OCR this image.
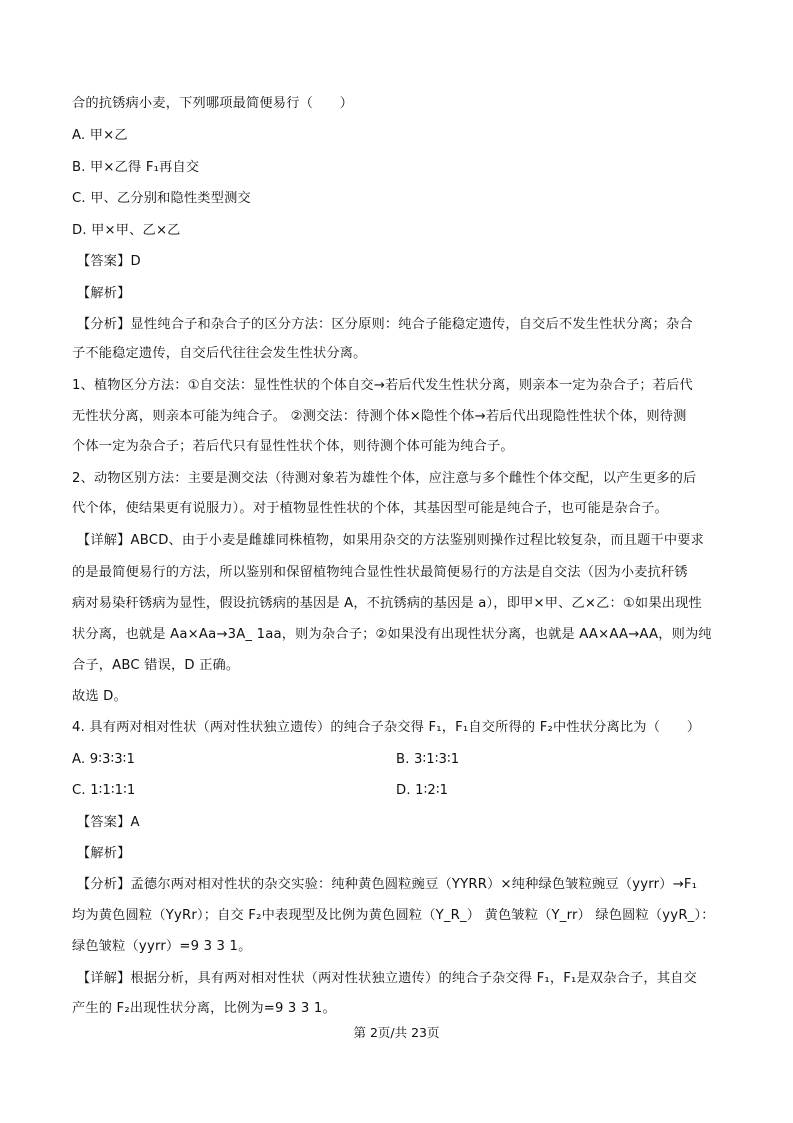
合的抗锈病小麦，下列哪项最简便易行（　　）
A. 甲×乙
B. 甲×乙得 F₁再自交
C. 甲、乙分别和隐性类型测交
D. 甲×甲、乙×乙
【答案】D
【解析】
【分析】显性纯合子和杂合子的区分方法：区分原则：纯合子能稳定遗传，自交后不发生性状分离；杂合
子不能稳定遗传，自交后代往往会发生性状分离。
1、植物区分方法：①自交法：显性性状的个体自交→若后代发生性状分离，则亲本一定为杂合子；若后代
无性状分离，则亲本可能为纯合子。 ②测交法：待测个体×隐性个体→若后代出现隐性性状个体，则待测
个体一定为杂合子；若后代只有显性性状个体，则待测个体可能为纯合子。
2、动物区别方法：主要是测交法（待测对象若为雄性个体，应注意与多个雌性个体交配，以产生更多的后
代个体，使结果更有说服力）。对于植物显性性状的个体，其基因型可能是纯合子，也可能是杂合子。
【详解】ABCD、由于小麦是雌雄同株植物，如果用杂交的方法鉴别则操作过程比较复杂，而且题干中要求
的是最简便易行的方法，所以鉴别和保留植物纯合显性性状最简便易行的方法是自交法（因为小麦抗秆锈
病对易染秆锈病为显性，假设抗锈病的基因是 A，不抗锈病的基因是 a），即甲×甲、乙×乙：①如果出现性
状分离，也就是 Aa×Aa→3A_ 1aa，则为杂合子；②如果没有出现性状分离，也就是 AA×AA→AA，则为纯
合子，ABC 错误，D 正确。
故选 D。
4. 具有两对相对性状（两对性状独立遗传）的纯合子杂交得 F₁，F₁自交所得的 F₂中性状分离比为（　　）
A. 9∶3∶3∶1	B. 3∶1∶3∶1
C. 1∶1∶1∶1	D. 1∶2∶1
【答案】A
【解析】
【分析】孟德尔两对相对性状的杂交实验：纯种黄色圆粒豌豆（YYRR）×纯种绿色皱粒豌豆（yyrr）→F₁
均为黄色圆粒（YyRr）；自交 F₂中表现型及比例为黄色圆粒（Y_R_） 黄色皱粒（Y_rr） 绿色圆粒（yyR_）：
绿色皱粒（yyrr）=9 3 3 1。
【详解】根据分析，具有两对相对性状（两对性状独立遗传）的纯合子杂交得 F₁，F₁是双杂合子，其自交
产生的 F₂出现性状分离，比例为=9 3 3 1。
第 2页/共 23页
